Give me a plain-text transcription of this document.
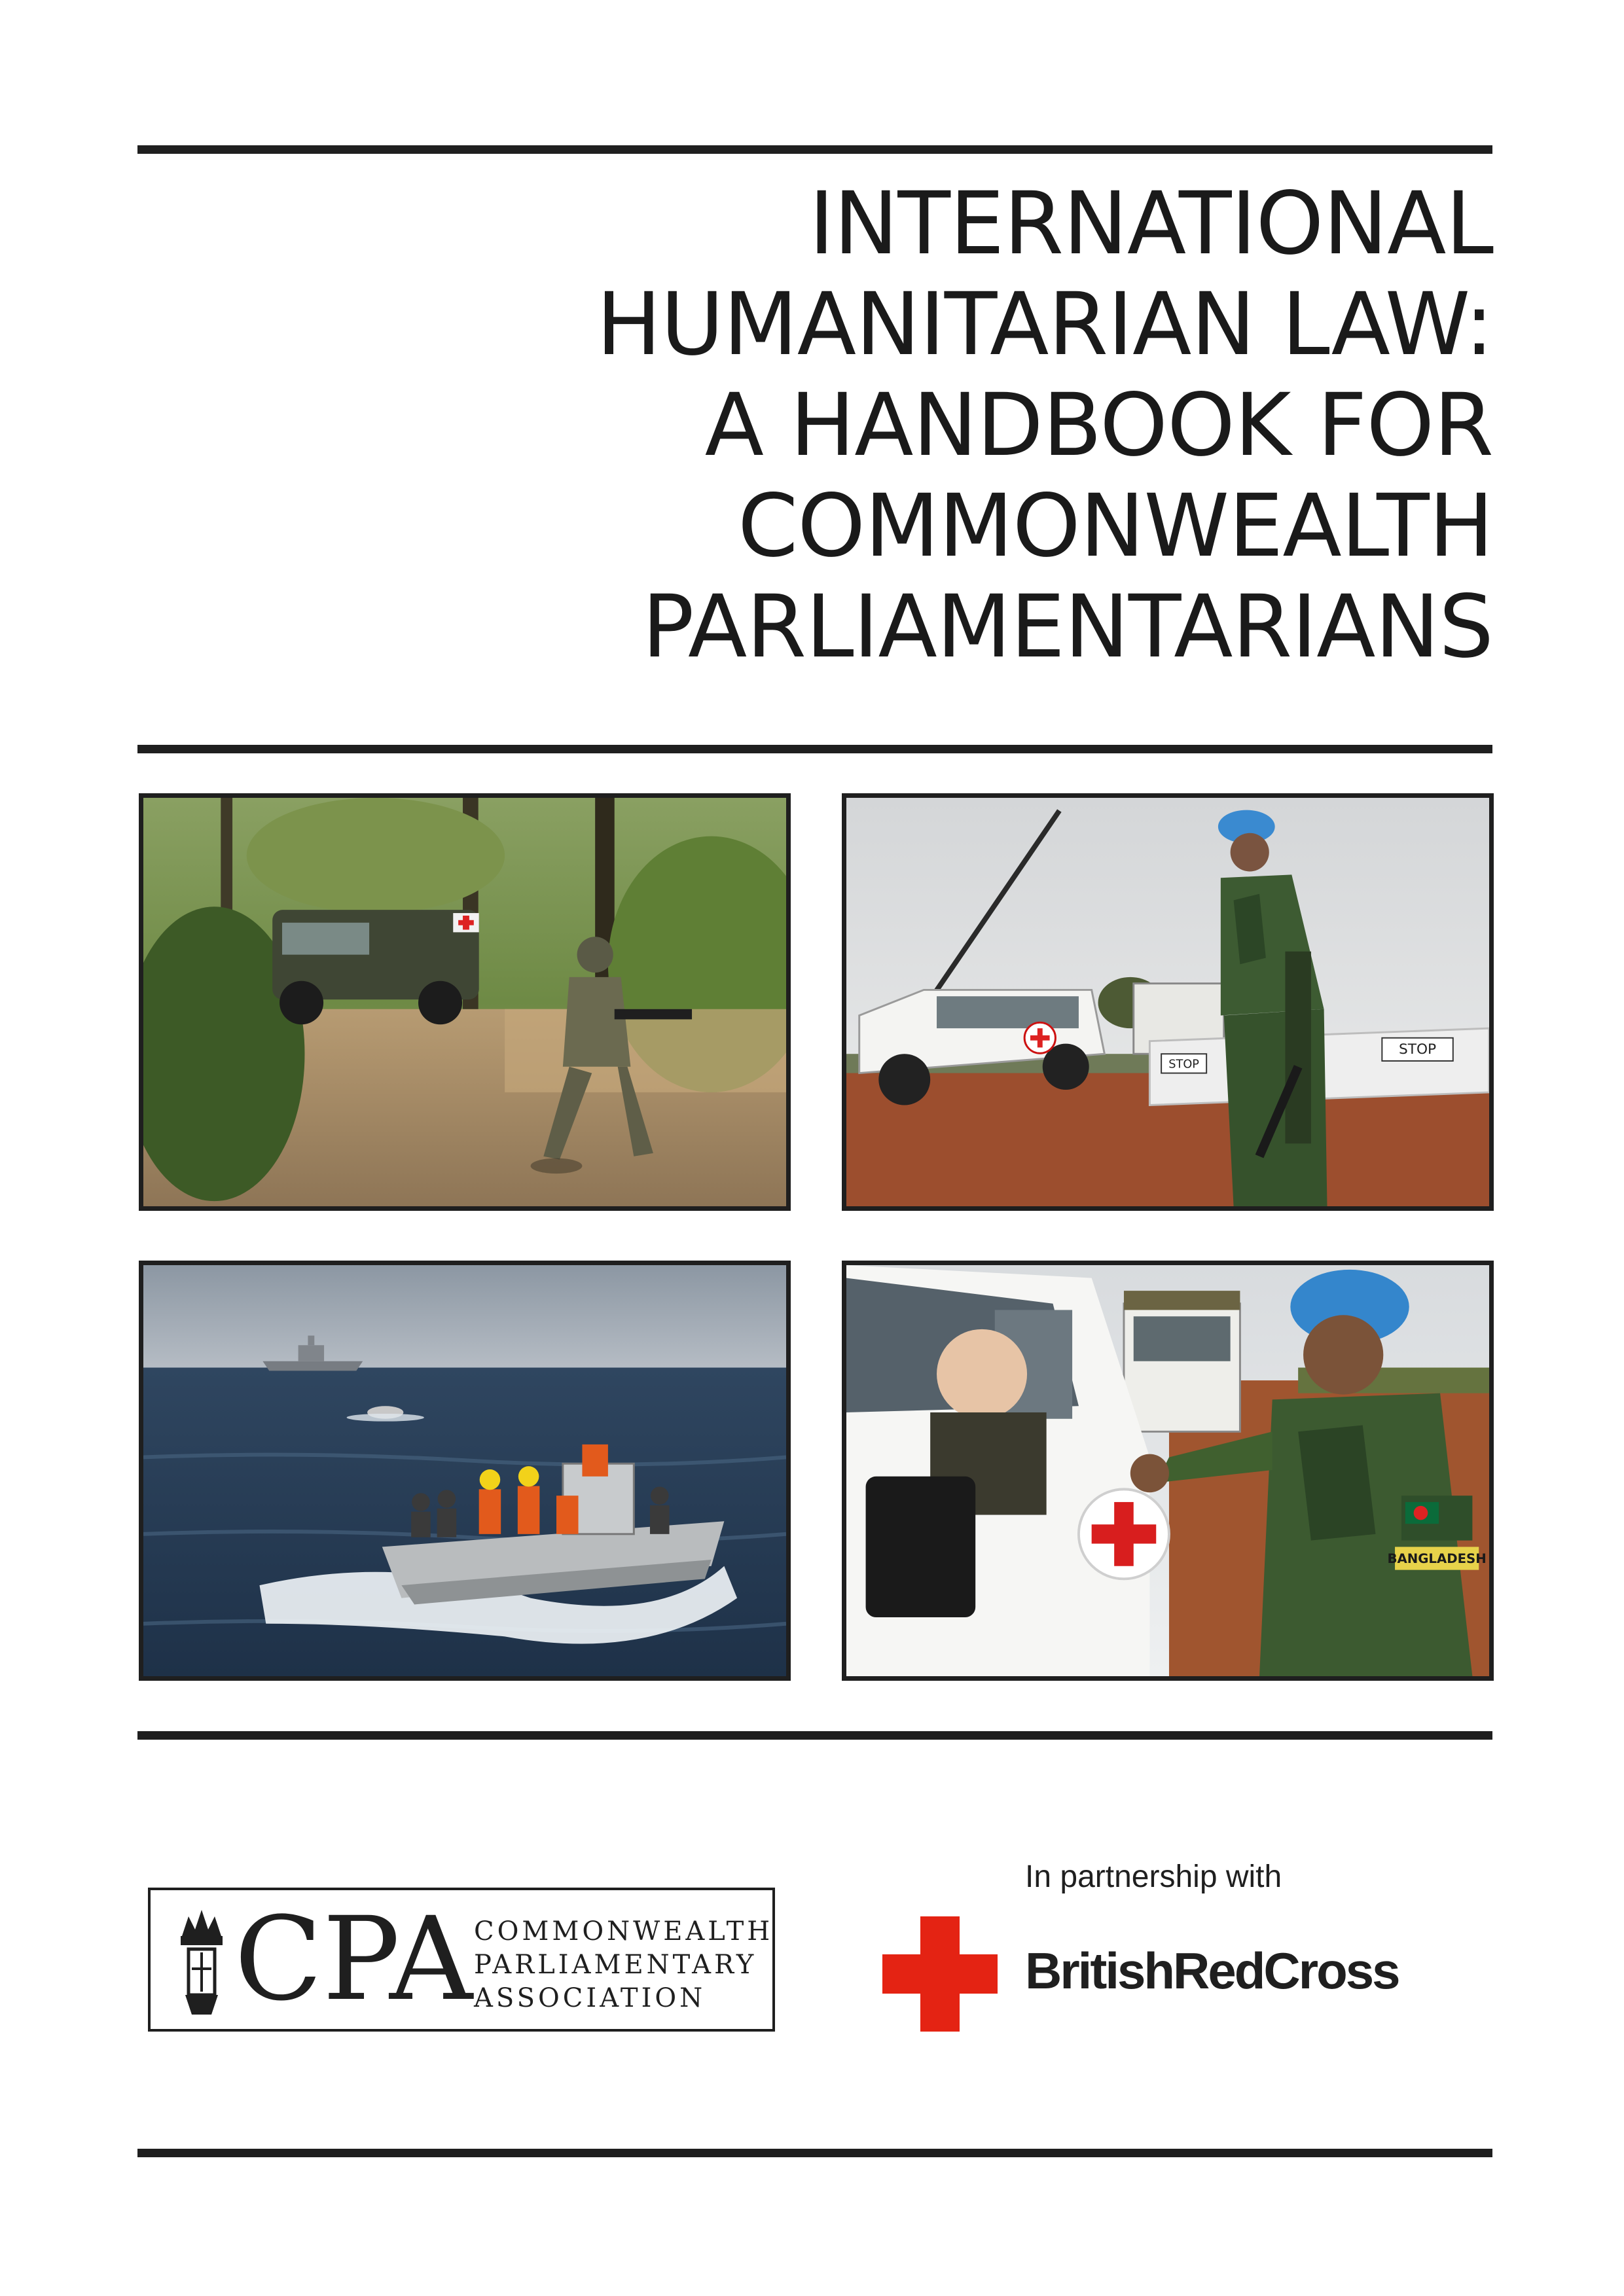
INTERNATIONAL
HUMANITARIAN LAW:
A HANDBOOK FOR
COMMONWEALTH
PARLIAMENTARIANS
STOP
STOP
BANGLADESH
CPA COMMONWEALTH
PARLIAMENTARY
ASSOCIATION
In partnership with
BritishRedCross
